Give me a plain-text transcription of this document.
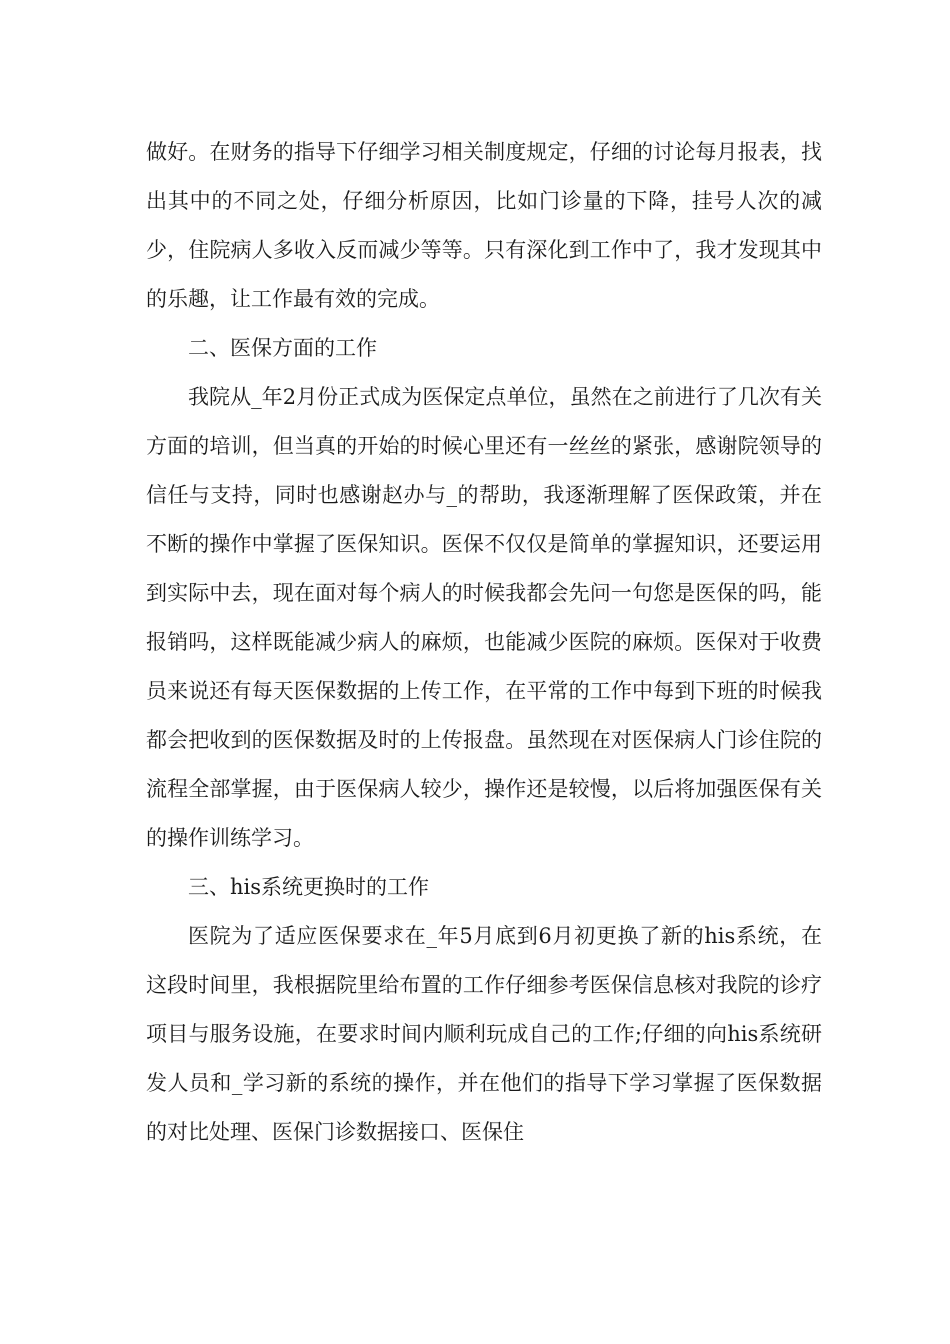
做好。在财务的指导下仔细学习相关制度规定，仔细的讨论每月报表，找出其中的不同之处，仔细分析原因，比如门诊量的下降，挂号人次的减少，住院病人多收入反而减少等等。只有深化到工作中了，我才发现其中的乐趣，让工作最有效的完成。

二、医保方面的工作

我院从_年2月份正式成为医保定点单位，虽然在之前进行了几次有关方面的培训，但当真的开始的时候心里还有一丝丝的紧张，感谢院领导的信任与支持，同时也感谢赵办与_的帮助，我逐渐理解了医保政策，并在不断的操作中掌握了医保知识。医保不仅仅是简单的掌握知识，还要运用到实际中去，现在面对每个病人的时候我都会先问一句您是医保的吗，能报销吗，这样既能减少病人的麻烦，也能减少医院的麻烦。医保对于收费员来说还有每天医保数据的上传工作，在平常的工作中每到下班的时候我都会把收到的医保数据及时的上传报盘。虽然现在对医保病人门诊住院的流程全部掌握，由于医保病人较少，操作还是较慢，以后将加强医保有关的操作训练学习。

三、his系统更换时的工作

医院为了适应医保要求在_年5月底到6月初更换了新的his系统，在这段时间里，我根据院里给布置的工作仔细参考医保信息核对我院的诊疗项目与服务设施，在要求时间内顺利玩成自己的工作;仔细的向his系统研发人员和_学习新的系统的操作，并在他们的指导下学习掌握了医保数据的对比处理、医保门诊数据接口、医保住
